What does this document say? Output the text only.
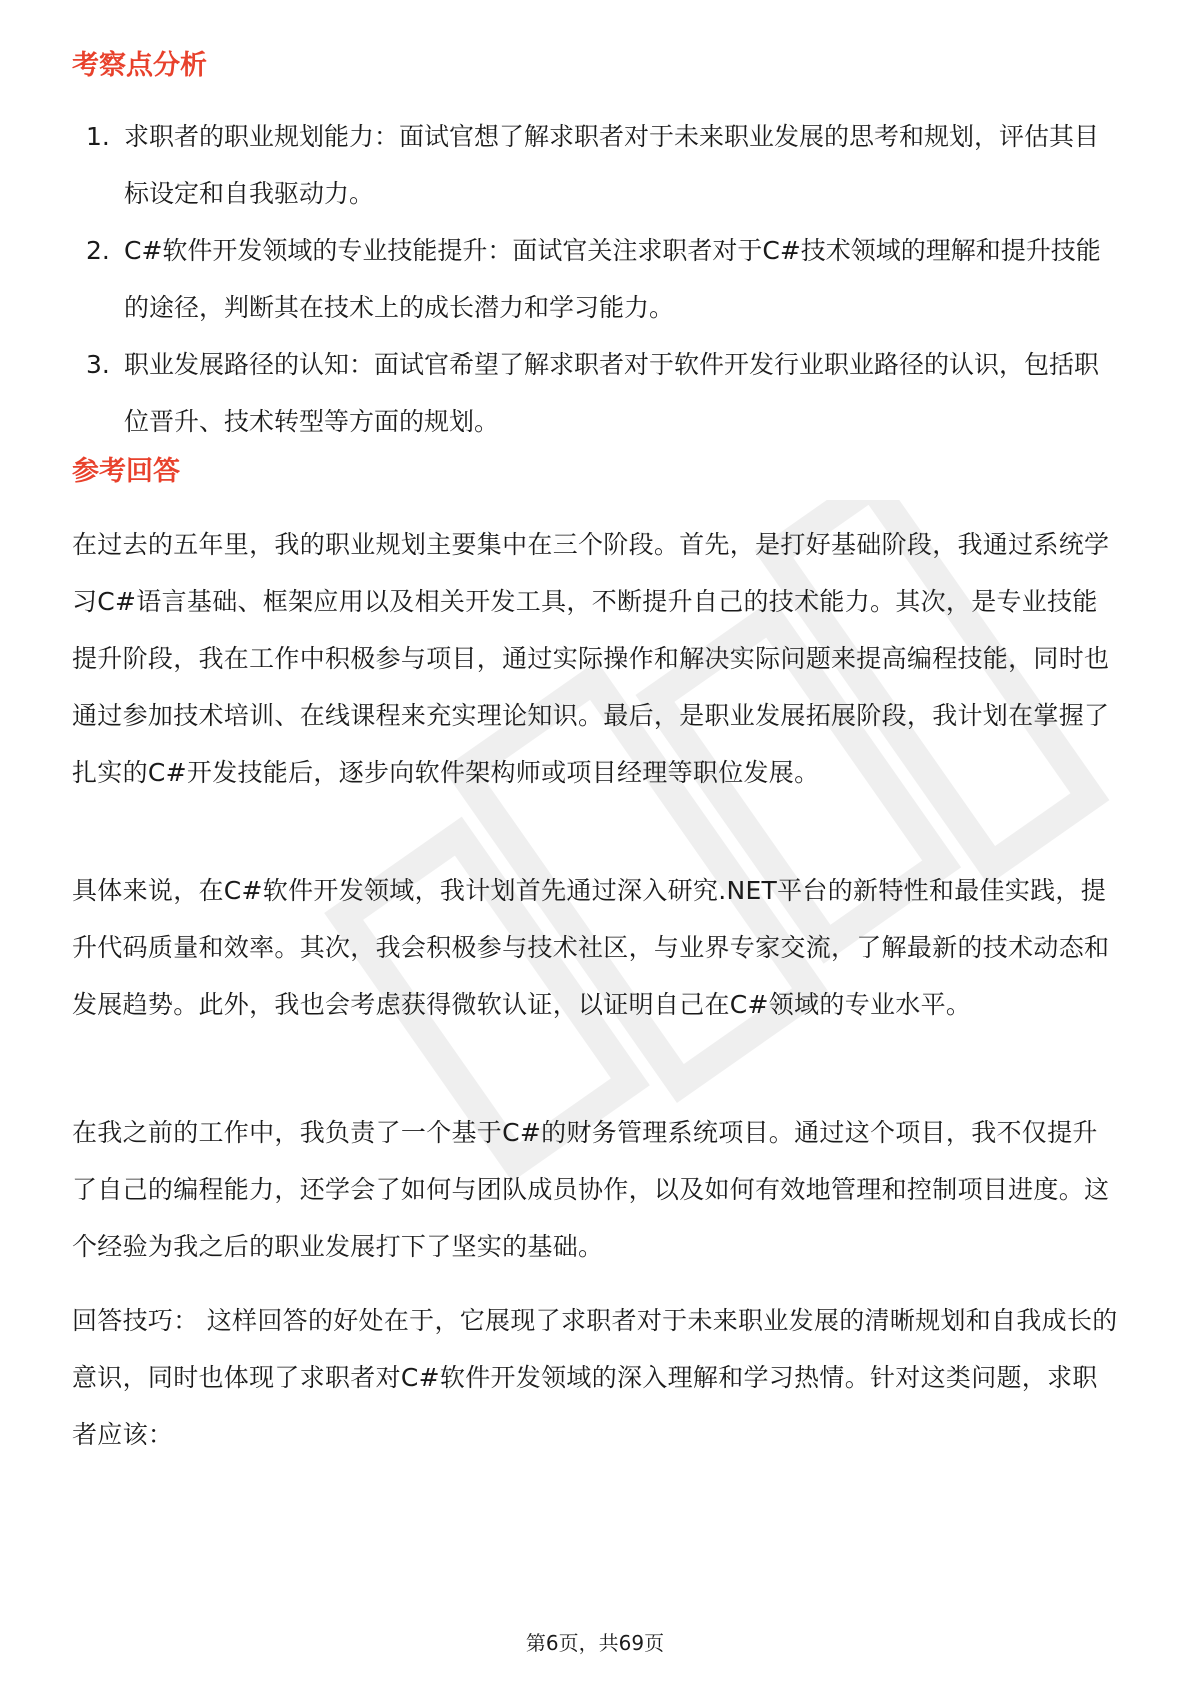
考察点分析
1. 求职者的职业规划能力：面试官想了解求职者对于未来职业发展的思考和规划，评估其目标设定和自我驱动力。
2. C#软件开发领域的专业技能提升：面试官关注求职者对于C#技术领域的理解和提升技能的途径，判断其在技术上的成长潜力和学习能力。
3. 职业发展路径的认知：面试官希望了解求职者对于软件开发行业职业路径的认识，包括职位晋升、技术转型等方面的规划。
参考回答

在过去的五年里，我的职业规划主要集中在三个阶段。首先，是打好基础阶段，我通过系统学习C#语言基础、框架应用以及相关开发工具，不断提升自己的技术能力。其次，是专业技能提升阶段，我在工作中积极参与项目，通过实际操作和解决实际问题来提高编程技能，同时也通过参加技术培训、在线课程来充实理论知识。最后，是职业发展拓展阶段，我计划在掌握了扎实的C#开发技能后，逐步向软件架构师或项目经理等职位发展。

具体来说，在C#软件开发领域，我计划首先通过深入研究.NET平台的新特性和最佳实践，提升代码质量和效率。其次，我会积极参与技术社区，与业界专家交流，了解最新的技术动态和发展趋势。此外，我也会考虑获得微软认证，以证明自己在C#领域的专业水平。

在我之前的工作中，我负责了一个基于C#的财务管理系统项目。通过这个项目，我不仅提升了自己的编程能力，还学会了如何与团队成员协作，以及如何有效地管理和控制项目进度。这个经验为我之后的职业发展打下了坚实的基础。

回答技巧： 这样回答的好处在于，它展现了求职者对于未来职业发展的清晰规划和自我成长的意识，同时也体现了求职者对C#软件开发领域的深入理解和学习热情。针对这类问题，求职者应该：

第6页，共69页
